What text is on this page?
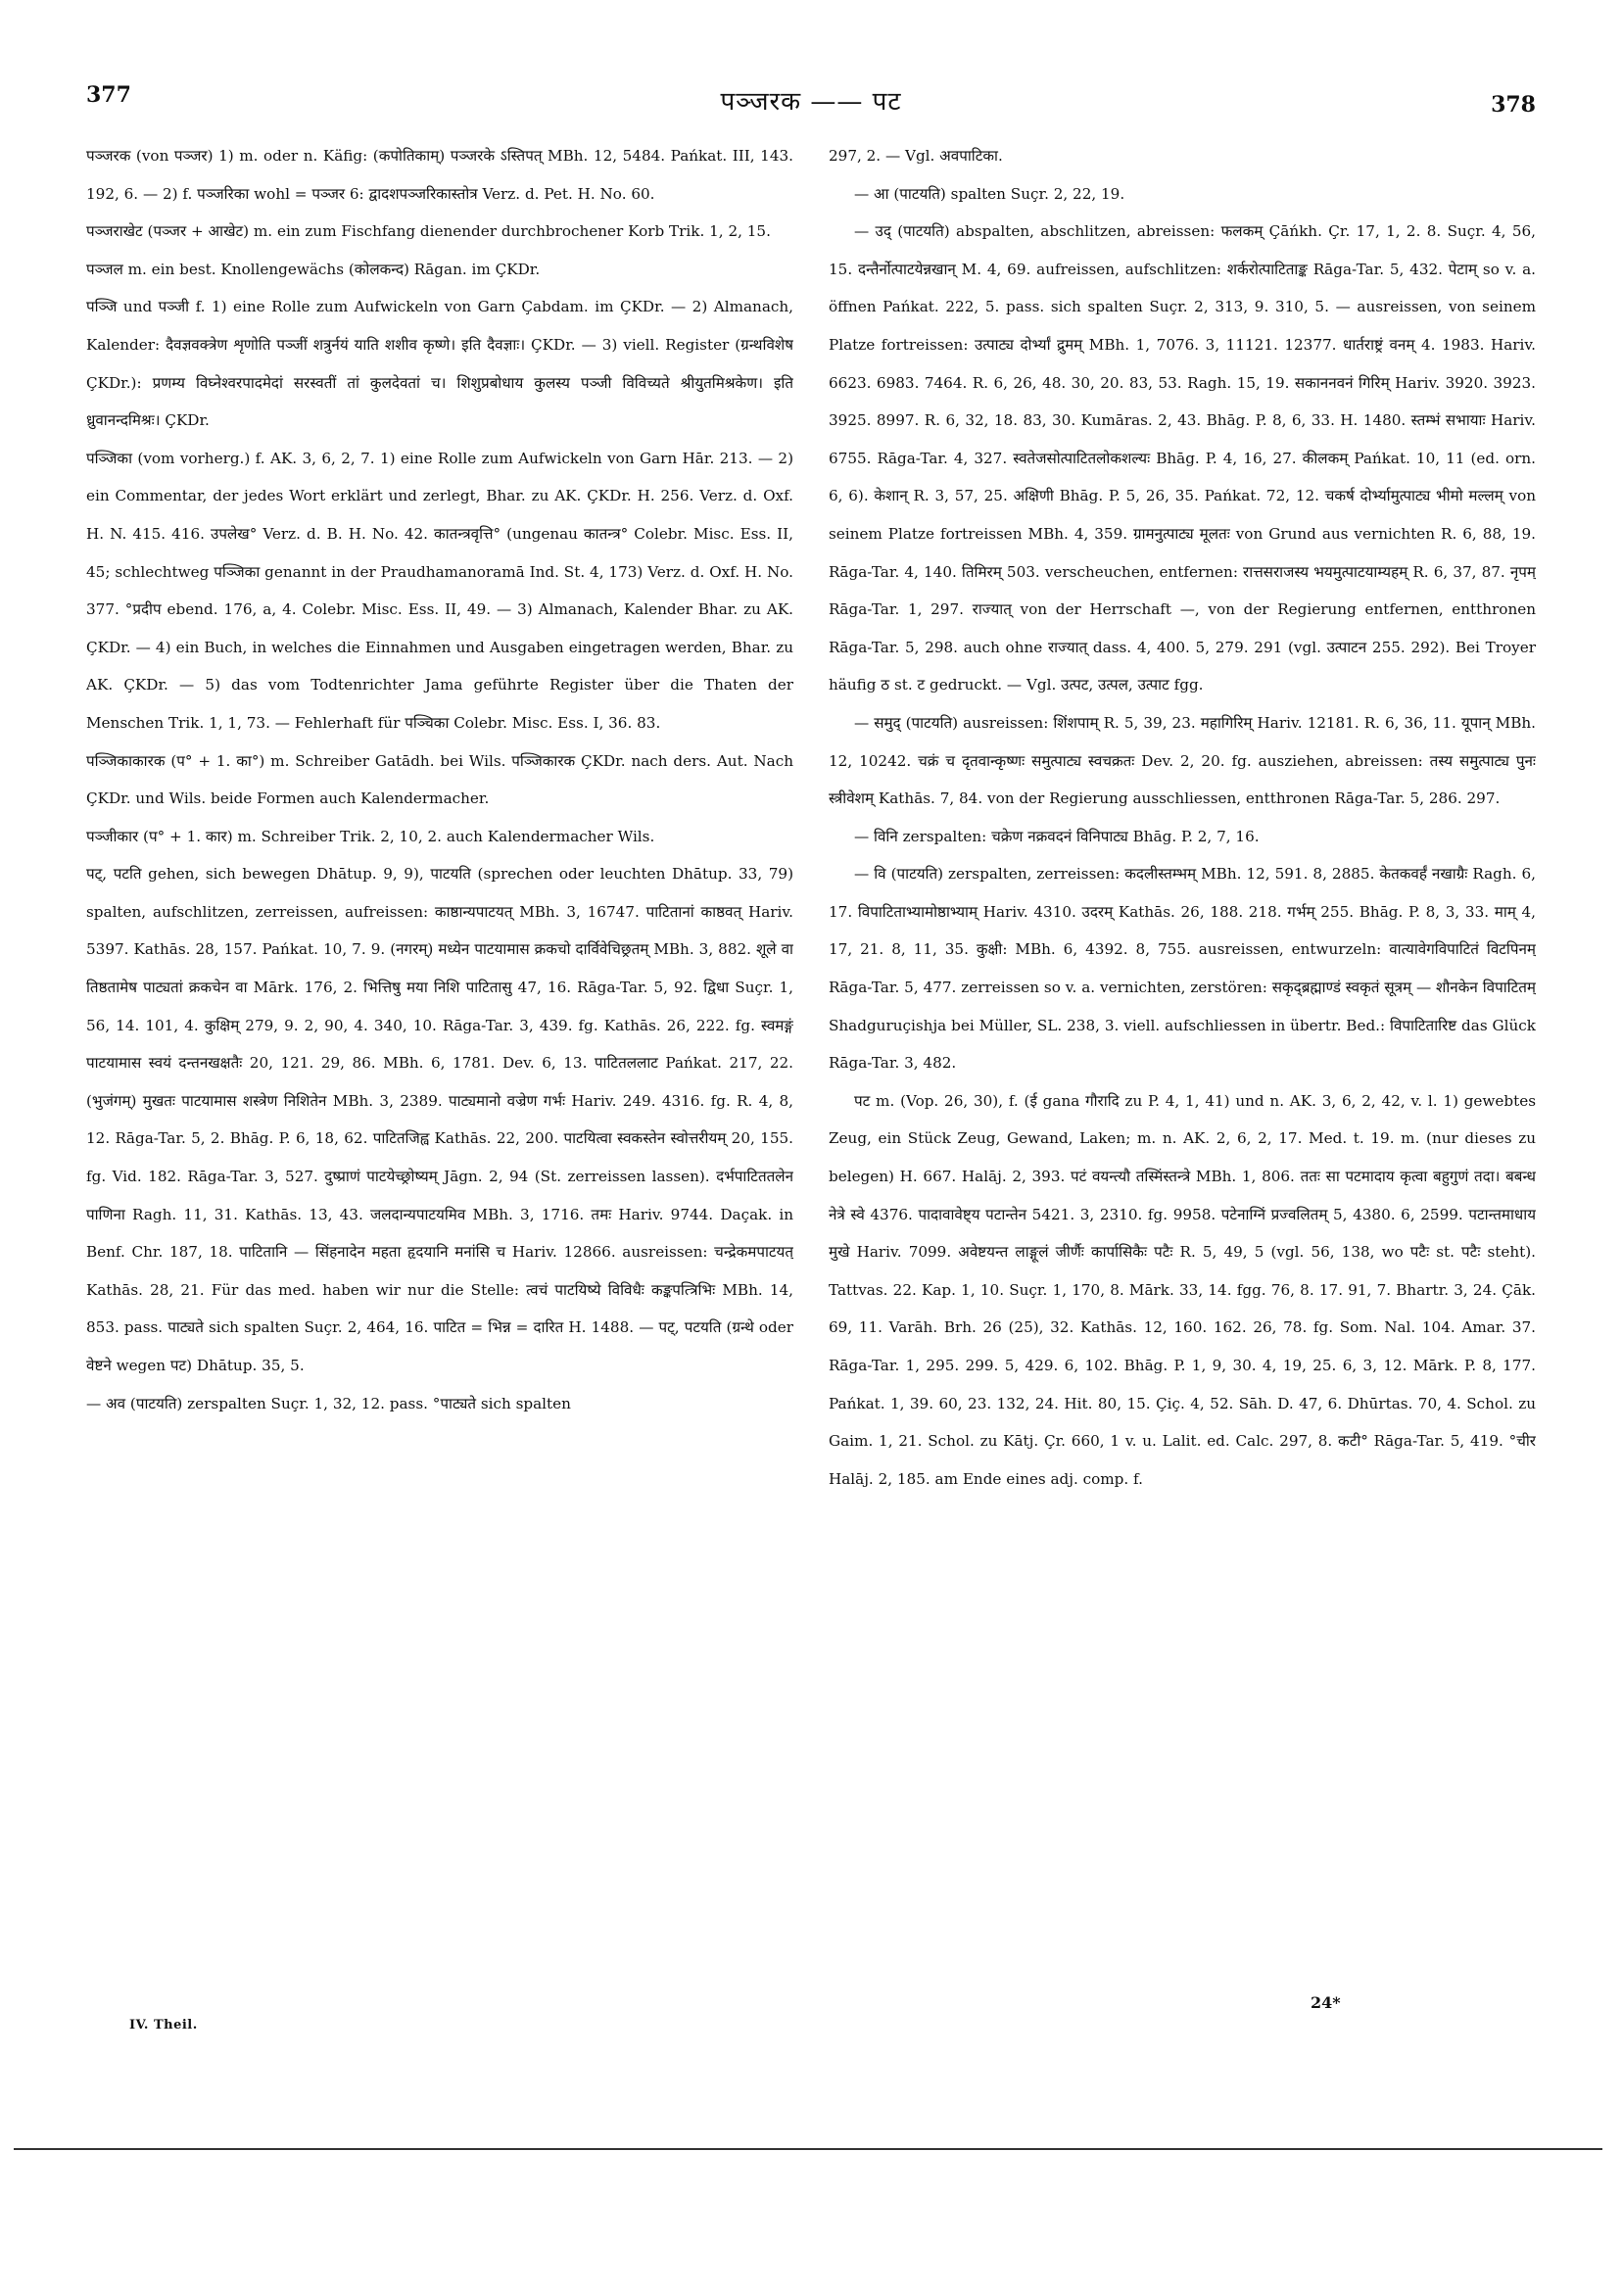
377	पञ्जरक —— पट	378

पञ्जरक (von पञ्जर) 1) m. oder n. Käfig: (कपोतिकाम्) पञ्जरके ऽस्तिपत् MBh. 12, 5484. Pańkat. III, 143. 192, 6. — 2) f. पञ्जरिका wohl = पञ्जर 6: द्वादशपञ्जरिकास्तोत्र Verz. d. Pet. H. No. 60.

पञ्जराखेट (पञ्जर + आखेट) m. ein zum Fischfang dienender durchbrochener Korb Trik. 1, 2, 15.

पञ्जल m. ein best. Knollengewächs (कोलकन्द) Rāgan. im ÇKDr.

पञ्जि und पञ्जी f. 1) eine Rolle zum Aufwickeln von Garn Çabdam. im ÇKDr. — 2) Almanach, Kalender: दैवज्ञवक्त्रेण शृणोति पञ्जीं शत्रुर्नयं याति शशीव कृष्णे। इति दैवज्ञाः। ÇKDr. — 3) viell. Register (ग्रन्थविशेष ÇKDr.): प्रणम्य विघ्नेश्वरपादमेदां सरस्वतीं तां कुलदेवतां च। शिशुप्रबोधाय कुलस्य पञ्जी विविच्यते श्रीयुतमिश्रकेण। इति ध्रुवानन्दमिश्रः। ÇKDr.

पञ्जिका (vom vorherg.) f. AK. 3, 6, 2, 7. 1) eine Rolle zum Aufwickeln von Garn Hār. 213. — 2) ein Commentar, der jedes Wort erklärt und zerlegt, Bhar. zu AK. ÇKDr. H. 256. Verz. d. Oxf. H. N. 415. 416. उपलेख° Verz. d. B. H. No. 42. कातन्त्रवृत्ति° (ungenau कातन्त्र° Colebr. Misc. Ess. II, 45; schlechtweg पञ्जिका genannt in der Praudhamanoramā Ind. St. 4, 173) Verz. d. Oxf. H. No. 377. °प्रदीप ebend. 176, a, 4. Colebr. Misc. Ess. II, 49. — 3) Almanach, Kalender Bhar. zu AK. ÇKDr. — 4) ein Buch, in welches die Einnahmen und Ausgaben eingetragen werden, Bhar. zu AK. ÇKDr. — 5) das vom Todtenrichter Jama geführte Register über die Thaten der Menschen Trik. 1, 1, 73. — Fehlerhaft für पञ्चिका Colebr. Misc. Ess. I, 36. 83.

पञ्जिकाकारक (प° + 1. का°) m. Schreiber Gatādh. bei Wils. पञ्जिकारक ÇKDr. nach ders. Aut. Nach ÇKDr. und Wils. beide Formen auch Kalendermacher.

पञ्जीकार (प° + 1. कार) m. Schreiber Trik. 2, 10, 2. auch Kalendermacher Wils.

पट्, पटति gehen, sich bewegen Dhātup. 9, 9), पाटयति (sprechen oder leuchten Dhātup. 33, 79) spalten, aufschlitzen, zerreissen, aufreissen: काष्ठान्यपाटयत् MBh. 3, 16747. पाटितानां काष्ठवत् Hariv. 5397. Kathās. 28, 157. Pańkat. 10, 7. 9. (नगरम्) मध्येन पाटयामास क्रकचो दार्विवेचिछ्रतम् MBh. 3, 882. शूले वा तिष्ठतामेष पाट्यतां क्रकचेन वा Mārk. 176, 2. भित्तिषु मया निशि पाटितासु 47, 16. Rāga-Tar. 5, 92. द्विधा Suçr. 1, 56, 14. 101, 4. कुक्षिम् 279, 9. 2, 90, 4. 340, 10. Rāga-Tar. 3, 439. fg. Kathās. 26, 222. fg. स्वमङ्गं पाटयामास स्वयं दन्तनखक्षतैः 20, 121. 29, 86. MBh. 6, 1781. Dev. 6, 13. पाटितललाट Pańkat. 217, 22. (भुजंगम्) मुखतः पाटयामास शस्त्रेण निशितेन MBh. 3, 2389. पाट्यमानो वज्रेण गर्भः Hariv. 249. 4316. fg. R. 4, 8, 12. Rāga-Tar. 5, 2. Bhāg. P. 6, 18, 62. पाटितजिह्व Kathās. 22, 200. पाटयित्वा स्वकस्तेन स्वोत्तरीयम् 20, 155. fg. Vid. 182. Rāga-Tar. 3, 527. दुष्प्राणं पाटयेच्छ्रोष्यम् Jāgn. 2, 94 (St. zerreissen lassen). दर्भपाटिततलेन पाणिना Ragh. 11, 31. Kathās. 13, 43. जलदान्यपाटयमिव MBh. 3, 1716. तमः Hariv. 9744. Daçak. in Benf. Chr. 187, 18. पाटितानि — सिंहनादेन महता हृदयानि मनांसि च Hariv. 12866. ausreissen: चन्द्रेकमपाटयत् Kathās. 28, 21. Für das med. haben wir nur die Stelle: त्वचं पाटयिष्ये विविधैः कङ्कपत्त्रिभिः MBh. 14, 853. pass. पाट्यते sich spalten Suçr. 2, 464, 16. पाटित = भिन्न = दारित H. 1488. — पट्, पटयति (ग्रन्थे oder वेष्टने wegen पट) Dhātup. 35, 5.

— अव (पाटयति) zerspalten Suçr. 1, 32, 12. pass. °पाट्यते sich spalten

297, 2. — Vgl. अवपाटिका.

— आ (पाटयति) spalten Suçr. 2, 22, 19.

— उद् (पाटयति) abspalten, abschlitzen, abreissen: फलकम् Çāńkh. Çr. 17, 1, 2. 8. Suçr. 4, 56, 15. दन्तैर्नोत्पाटयेन्नखान् M. 4, 69. aufreissen, aufschlitzen: शर्करोत्पाटिताङ्क Rāga-Tar. 5, 432. पेटाम् so v. a. öffnen Pańkat. 222, 5. pass. sich spalten Suçr. 2, 313, 9. 310, 5. — ausreissen, von seinem Platze fortreissen: उत्पाट्य दोर्भ्यां द्रुमम् MBh. 1, 7076. 3, 11121. 12377. धार्तराष्ट्रं वनम् 4. 1983. Hariv. 6623. 6983. 7464. R. 6, 26, 48. 30, 20. 83, 53. Ragh. 15, 19. सकाननवनं गिरिम् Hariv. 3920. 3923. 3925. 8997. R. 6, 32, 18. 83, 30. Kumāras. 2, 43. Bhāg. P. 8, 6, 33. H. 1480. स्तम्भं सभायाः Hariv. 6755. Rāga-Tar. 4, 327. स्वतेजसोत्पाटितलोकशल्यः Bhāg. P. 4, 16, 27. कीलकम् Pańkat. 10, 11 (ed. orn. 6, 6). केशान् R. 3, 57, 25. अक्षिणी Bhāg. P. 5, 26, 35. Pańkat. 72, 12. चकर्ष दोर्भ्यामुत्पाट्य भीमो मल्लम् von seinem Platze fortreissen MBh. 4, 359. ग्रामनुत्पाट्य मूलतः von Grund aus vernichten R. 6, 88, 19. Rāga-Tar. 4, 140. तिमिरम् 503. verscheuchen, entfernen: रात्तसराजस्य भयमुत्पाटयाम्यहम् R. 6, 37, 87. नृपम् Rāga-Tar. 1, 297. राज्यात् von der Herrschaft —, von der Regierung entfernen, entthronen Rāga-Tar. 5, 298. auch ohne राज्यात् dass. 4, 400. 5, 279. 291 (vgl. उत्पाटन 255. 292). Bei Troyer häufig ठ st. ट gedruckt. — Vgl. उत्पट, उत्पल, उत्पाट fgg.

— समुद् (पाटयति) ausreissen: शिंशपाम् R. 5, 39, 23. महागिरिम् Hariv. 12181. R. 6, 36, 11. यूपान् MBh. 12, 10242. चक्रं च दृतवान्कृष्णः समुत्पाट्य स्वचक्रतः Dev. 2, 20. fg. ausziehen, abreissen: तस्य समुत्पाट्य पुनः स्त्रीवेशम् Kathās. 7, 84. von der Regierung ausschliessen, entthronen Rāga-Tar. 5, 286. 297.

— विनि zerspalten: चक्रेण नक्रवदनं विनिपाट्य Bhāg. P. 2, 7, 16.

— वि (पाटयति) zerspalten, zerreissen: कदलीस्तम्भम् MBh. 12, 591. 8, 2885. केतकवर्हं नखाग्रैः Ragh. 6, 17. विपाटिताभ्यामोष्ठाभ्याम् Hariv. 4310. उदरम् Kathās. 26, 188. 218. गर्भम् 255. Bhāg. P. 8, 3, 33. माम् 4, 17, 21. 8, 11, 35. कुक्षी: MBh. 6, 4392. 8, 755. ausreissen, entwurzeln: वात्यावेगविपाटितं विटपिनम् Rāga-Tar. 5, 477. zerreissen so v. a. vernichten, zerstören: सकृद्ब्रह्माण्डं स्वकृतं सूत्रम् — शौनकेन विपाटितम् Shadguruçishja bei Müller, SL. 238, 3. viell. aufschliessen in übertr. Bed.: विपाटितारिष्ट das Glück Rāga-Tar. 3, 482.

पट m. (Vop. 26, 30), f. (ई gana गौरादि zu P. 4, 1, 41) und n. AK. 3, 6, 2, 42, v. l. 1) gewebtes Zeug, ein Stück Zeug, Gewand, Laken; m. n. AK. 2, 6, 2, 17. Med. t. 19. m. (nur dieses zu belegen) H. 667. Halāj. 2, 393. पटं वयन्त्यौ तस्मिंस्तन्त्रे MBh. 1, 806. ततः सा पटमादाय कृत्वा बहुगुणं तदा। बबन्ध नेत्रे स्वे 4376. पादावावेष्ट्य पटान्तेन 5421. 3, 2310. fg. 9958. पटेनाग्निं प्रज्वलितम् 5, 4380. 6, 2599. पटान्तमाधाय मुखे Hariv. 7099. अवेष्टयन्त लाङ्गूलं जीर्णैः कार्पासिकैः पटैः R. 5, 49, 5 (vgl. 56, 138, wo पटैः st. पटैः steht). Tattvas. 22. Kap. 1, 10. Suçr. 1, 170, 8. Mārk. 33, 14. fgg. 76, 8. 17. 91, 7. Bhartr. 3, 24. Çāk. 69, 11. Varāh. Brh. 26 (25), 32. Kathās. 12, 160. 162. 26, 78. fg. Som. Nal. 104. Amar. 37. Rāga-Tar. 1, 295. 299. 5, 429. 6, 102. Bhāg. P. 1, 9, 30. 4, 19, 25. 6, 3, 12. Mārk. P. 8, 177. Pańkat. 1, 39. 60, 23. 132, 24. Hit. 80, 15. Çiç. 4, 52. Sāh. D. 47, 6. Dhūrtas. 70, 4. Schol. zu Gaim. 1, 21. Schol. zu Kātj. Çr. 660, 1 v. u. Lalit. ed. Calc. 297, 8. कटी° Rāga-Tar. 5, 419. °चीर Halāj. 2, 185. am Ende eines adj. comp. f.

IV. Theil.
24*
